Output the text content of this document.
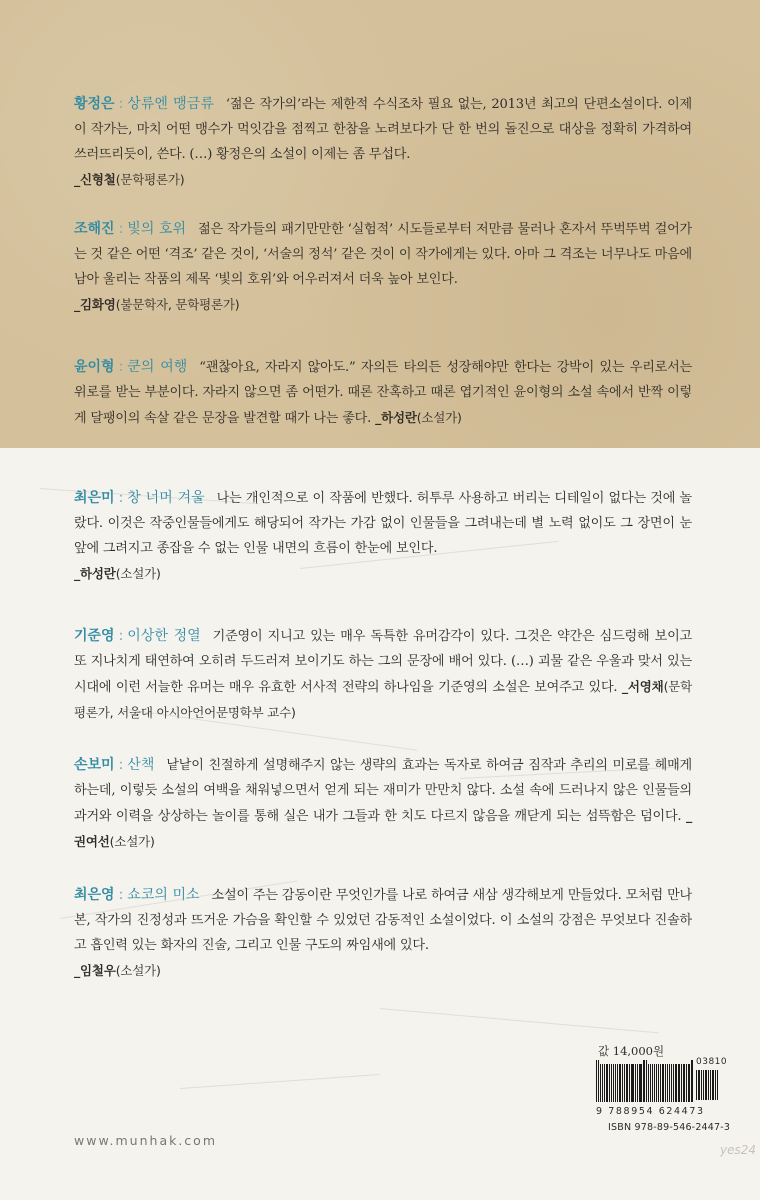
황정은 : 상류엔 맹금류 ‘젊은 작가의’라는 제한적 수식조차 필요 없는, 2013년 최고의 단편소설이다. 이제 이 작가는, 마치 어떤 맹수가 먹잇감을 점찍고 한참을 노려보다가 단 한 번의 돌진으로 대상을 정확히 가격하여 쓰러뜨리듯이, 쓴다. (…) 황정은의 소설이 이제는 좀 무섭다.
_신형철(문학평론가)
조해진 : 빛의 호위 젊은 작가들의 패기만만한 ‘실험적’ 시도들로부터 저만큼 물러나 혼자서 뚜벅뚜벅 걸어가는 것 같은 어떤 ‘격조’ 같은 것이, ‘서술의 정석’ 같은 것이 이 작가에게는 있다. 아마 그 격조는 너무나도 마음에 남아 울리는 작품의 제목 ‘빛의 호위’와 어우러져서 더욱 높아 보인다.
_김화영(불문학자, 문학평론가)
윤이형 : 쿤의 여행 “괜찮아요, 자라지 않아도.” 자의든 타의든 성장해야만 한다는 강박이 있는 우리로서는 위로를 받는 부분이다. 자라지 않으면 좀 어떤가. 때론 잔혹하고 때론 엽기적인 윤이형의 소설 속에서 반짝 이렇게 달팽이의 속살 같은 문장을 발견할 때가 나는 좋다. _하성란(소설가)
최은미 : 창 너머 겨울 나는 개인적으로 이 작품에 반했다. 허투루 사용하고 버리는 디테일이 없다는 것에 놀랐다. 이것은 작중인물들에게도 해당되어 작가는 가감 없이 인물들을 그려내는데 별 노력 없이도 그 장면이 눈앞에 그려지고 종잡을 수 없는 인물 내면의 흐름이 한눈에 보인다.
_하성란(소설가)
기준영 : 이상한 정열 기준영이 지니고 있는 매우 독특한 유머감각이 있다. 그것은 약간은 심드렁해 보이고 또 지나치게 태연하여 오히려 두드러져 보이기도 하는 그의 문장에 배어 있다. (…) 괴물 같은 우울과 맞서 있는 시대에 이런 서늘한 유머는 매우 유효한 서사적 전략의 하나임을 기준영의 소설은 보여주고 있다. _서영채(문학평론가, 서울대 아시아언어문명학부 교수)
손보미 : 산책 낱낱이 친절하게 설명해주지 않는 생략의 효과는 독자로 하여금 짐작과 추리의 미로를 헤매게 하는데, 이렇듯 소설의 여백을 채워넣으면서 얻게 되는 재미가 만만치 않다. 소설 속에 드러나지 않은 인물들의 과거와 이력을 상상하는 놀이를 통해 실은 내가 그들과 한 치도 다르지 않음을 깨닫게 되는 섬뜩함은 덤이다. _권여선(소설가)
최은영 : 쇼코의 미소 소설이 주는 감동이란 무엇인가를 나로 하여금 새삼 생각해보게 만들었다. 모처럼 만나본, 작가의 진정성과 뜨거운 가슴을 확인할 수 있었던 감동적인 소설이었다. 이 소설의 강점은 무엇보다 진솔하고 흡인력 있는 화자의 진술, 그리고 인물 구도의 짜임새에 있다.
_임철우(소설가)
값 14,000원
03810
9 788954 624473
ISBN 978-89-546-2447-3
www.munhak.com
yes24
